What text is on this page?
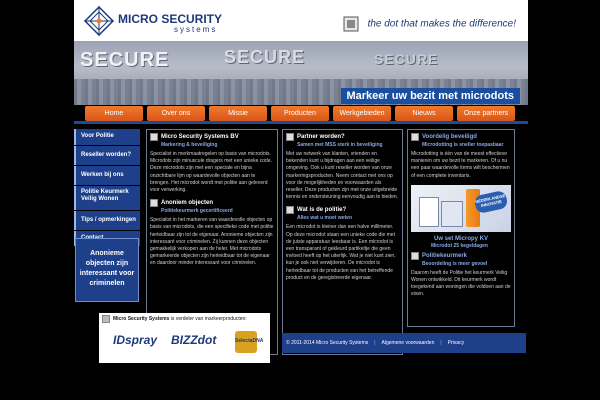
MICRO SECURITY
systems
the dot that makes the difference!
SECURE	SECURE	SECURE
Markeer uw bezit met microdots
Home	Over ons	Missie	Producten	Werkgebieden	Nieuws	Onze partners
Voor Politie
Reseller worden?
Werken bij ons
Politie Keurmerk Veilig Wonen
Tips / opmerkingen
Anonieme objecten zijn interessant voor criminelen
Micro Security Systems BV
Markering & beveiliging
Specialist in merkmaatregelen op basis van microdots. Microdots zijn minuscule dragers met een unieke code. Deze microdots zijn met een speciale en bijna onzichtbare lijm op waardevolle objecten aan te brengen. Het microdot wordt met politie aan geleverd voor verwerking.
Anoniem objecten
Politiekeurmerk gecertificeerd
Specialist in het markeren van waardevolle objecten op basis van microdots, die een specifieke code met politie herleidbaar zijn tot de eigenaar. Anonieme objecten zijn interessant voor criminelen. Zij kunnen deze objecten gemakkelijk verkopen aan de heler. Met microdots gemarkeerde objecten zijn herleidbaar tot de eigenaar en daardoor minder interessant voor criminelen.
Partner worden?
Samen met MSS sterk in beveiliging
Met uw netwerk van klanten, vrienden en bekenden kunt u bijdragen aan een veilige omgeving. Ook u kunt reseller worden van onze markeringsproducten. Neem contact met ons op voor de mogelijkheden en voorwaarden als reseller. Deze producten zijn met onze uitgebreide kennis en ondersteuning eenvoudig aan te bieden.
Wat is de politie?
Alles wat u moet weten
Een microdot is kleiner dan een halve millimeter. Op deze microdot staan een unieke code die met de juiste apparatuur leesbaar is. Een microdot is een transparant of gekleurd partikeltje die geen invloed heeft op het uiterlijk. Wat je niet kunt zien, kun je ook niet verwijderen. De microdot is herleidbaar tot de producten van het betreffende product en de geregistreerde eigenaar.
Voordelig beveiligd
Microdotting is sneller toepasbaar
Microdotting is één van de meest effectieve manieren om uw bezit te markeren. Of u nu een paar waardevolle items wilt beschermen of een complete inventaris.
NEDERLANDSE INNOVATIE
Uw set Micropy KV
Microdot 25 kegeldagen
Politiekeurmerk
Beoordeling is meer gevoel
Daarom heeft de Politie het keurmerk Veilig Wonen ontwikkeld. Dit keurmerk wordt toegekend aan woningen die voldoen aan de eisen.
Micro Security Systems is verdeler van markeerproducten:
IDspray BIZZdot	SelectaDNA	© 2011-2014 Micro Security Systems | Algemene voorwaarden | Privacy
